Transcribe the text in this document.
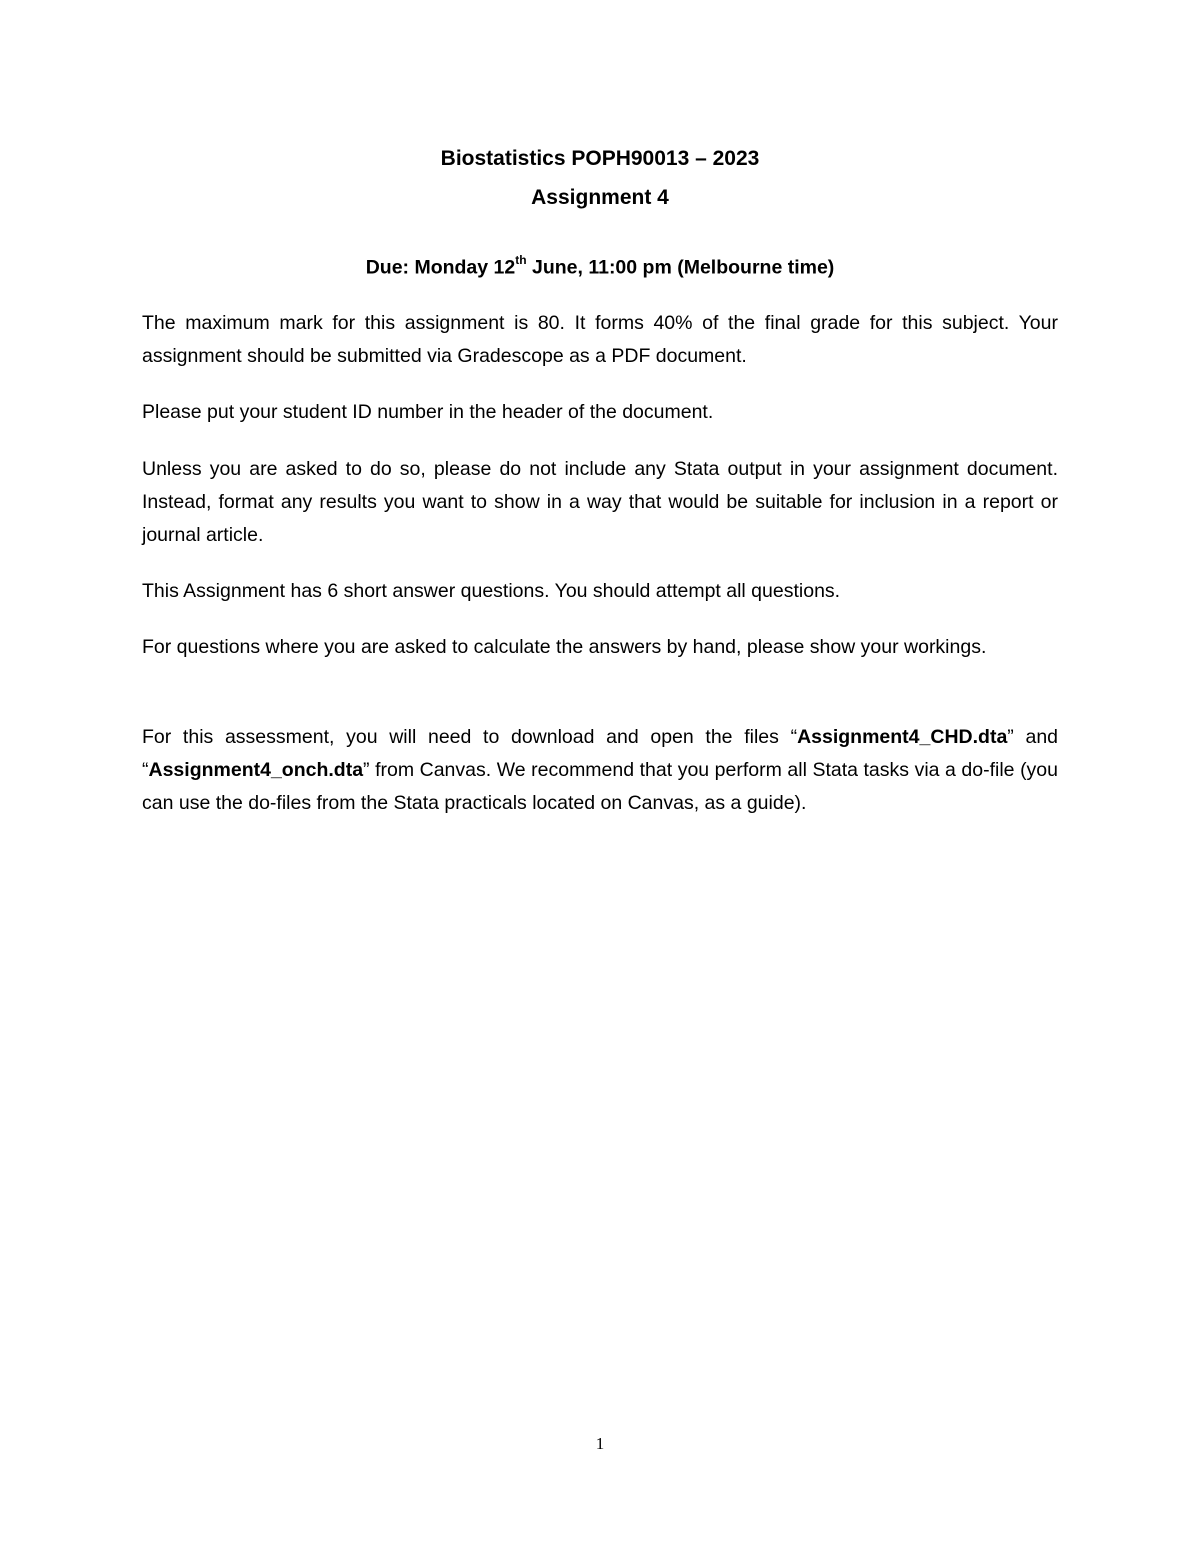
Biostatistics POPH90013 – 2023
Assignment 4
Due: Monday 12th June, 11:00 pm (Melbourne time)

The maximum mark for this assignment is 80. It forms 40% of the final grade for this subject. Your assignment should be submitted via Gradescope as a PDF document.

Please put your student ID number in the header of the document.

Unless you are asked to do so, please do not include any Stata output in your assignment document. Instead, format any results you want to show in a way that would be suitable for inclusion in a report or journal article.

This Assignment has 6 short answer questions. You should attempt all questions.

For questions where you are asked to calculate the answers by hand, please show your workings.

For this assessment, you will need to download and open the files “Assignment4_CHD.dta” and “Assignment4_onch.dta” from Canvas. We recommend that you perform all Stata tasks via a do-file (you can use the do-files from the Stata practicals located on Canvas, as a guide).

1
